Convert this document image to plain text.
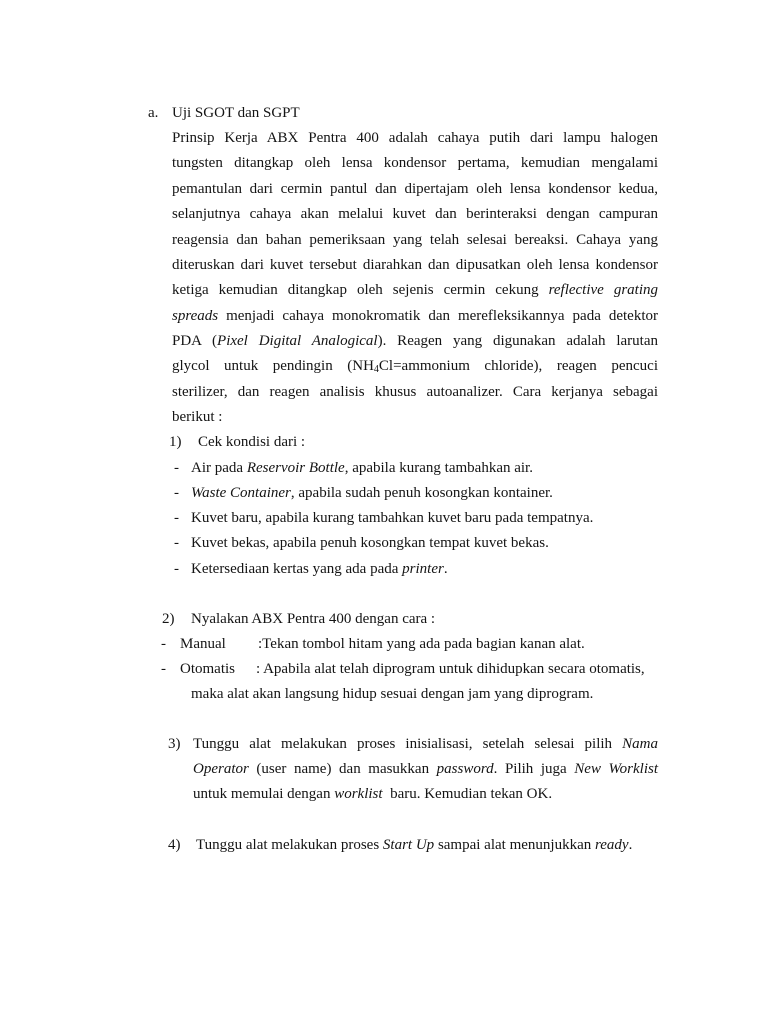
a. Uji SGOT dan SGPT
Prinsip Kerja ABX Pentra 400 adalah cahaya putih dari lampu halogen
tungsten ditangkap oleh lensa kondensor pertama, kemudian mengalami
pemantulan dari cermin pantul dan dipertajam oleh lensa kondensor kedua,
selanjutnya cahaya akan melalui kuvet dan berinteraksi dengan campuran
reagensia dan bahan pemeriksaan yang telah selesai bereaksi. Cahaya yang
diteruskan dari kuvet tersebut diarahkan dan dipusatkan oleh lensa kondensor
ketiga kemudian ditangkap oleh sejenis cermin cekung reflective grating
spreads menjadi cahaya monokromatik dan merefleksikannya pada detektor
PDA (Pixel Digital Analogical). Reagen yang digunakan adalah larutan
glycol untuk pendingin ($NH_4Cl=ammonium$ chloride), reagen pencuci
sterilizer, dan reagen analisis khusus autoanalizer. Cara kerjanya sebagai
berikut :
1) Cek kondisi dari :
- Air pada Reservoir Bottle, apabila kurang tambahkan air.
- Waste Container, apabila sudah penuh kosongkan kontainer.
- Kuvet baru, apabila kurang tambahkan kuvet baru pada tempatnya.
- Kuvet bekas, apabila penuh kosongkan tempat kuvet bekas.
- Ketersediaan kertas yang ada pada printer.
2) Nyalakan ABX Pentra 400 dengan cara :
- Manual :Tekan tombol hitam yang ada pada bagian kanan alat.
- Otomatis : Apabila alat telah diprogram untuk dihidupkan secara otomatis,
maka alat akan langsung hidup sesuai dengan jam yang diprogram.
3) Tunggu alat melakukan proses inisialisasi, setelah selesai pilih Nama
Operator (user name) dan masukkan password. Pilih juga New Worklist
untuk memulai dengan worklist baru. Kemudian tekan OK.
4) Tunggu alat melakukan proses Start Up sampai alat menunjukkan ready.
